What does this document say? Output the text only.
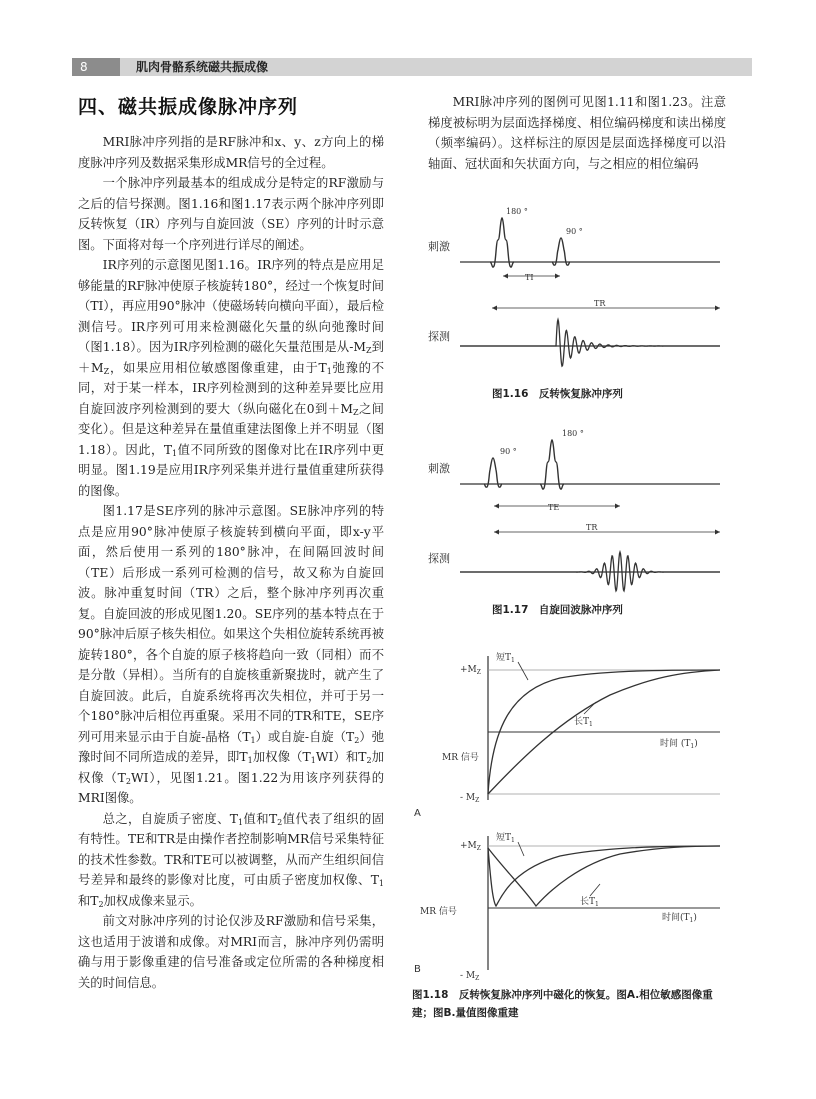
8	肌肉骨骼系统磁共振成像
四、磁共振成像脉冲序列

MRI脉冲序列指的是RF脉冲和x、y、z方向上的梯度脉冲序列及数据采集形成MR信号的全过程。

一个脉冲序列最基本的组成成分是特定的RF激励与之后的信号探测。图1.16和图1.17表示两个脉冲序列即反转恢复（IR）序列与自旋回波（SE）序列的计时示意图。下面将对每一个序列进行详尽的阐述。

IR序列的示意图见图1.16。IR序列的特点是应用足够能量的RF脉冲使原子核旋转180°，经过一个恢复时间（TI），再应用90°脉冲（使磁场转向横向平面），最后检测信号。IR序列可用来检测磁化矢量的纵向弛豫时间（图1.18）。因为IR序列检测的磁化矢量范围是从$-M_Z$到$+M_Z$，如果应用相位敏感图像重建，由于$T_1$弛豫的不同，对于某一样本，IR序列检测到的这种差异要比应用自旋回波序列检测到的要大（纵向磁化在0到$+M_Z$之间变化）。但是这种差异在量值重建法图像上并不明显（图1.18）。因此，$T_1$值不同所致的图像对比在IR序列中更明显。图1.19是应用IR序列采集并进行量值重建所获得的图像。

图1.17是SE序列的脉冲示意图。SE脉冲序列的特点是应用90°脉冲使原子核旋转到横向平面，即x-y平面，然后使用一系列的180°脉冲，在间隔回波时间（TE）后形成一系列可检测的信号，故又称为自旋回波。脉冲重复时间（TR）之后，整个脉冲序列再次重复。自旋回波的形成见图1.20。SE序列的基本特点在于90°脉冲后原子核失相位。如果这个失相位旋转系统再被旋转180°，各个自旋的原子核将趋向一致（同相）而不是分散（异相）。当所有的自旋核重新聚拢时，就产生了自旋回波。此后，自旋系统将再次失相位，并可于另一个180°脉冲后相位再重聚。采用不同的TR和TE，SE序列可用来显示由于自旋-晶格$(T_1)$或自旋-自旋$(T_2)$弛豫时间不同所造成的差异，即$T_1$加权像$(T_1WI)$和$T_2$加权像$(T_2WI)$，见图1.21。图1.22为用该序列获得的MRI图像。

总之，自旋质子密度、$T_1$值和$T_2$值代表了组织的固有特性。TE和TR是由操作者控制影响MR信号采集特征的技术性参数。TR和TE可以被调整，从而产生组织间信号差异和最终的影像对比度，可由质子密度加权像、$T_1$和$T_2$加权成像来显示。

前文对脉冲序列的讨论仅涉及RF激励和信号采集，这也适用于波谱和成像。对MRI而言，脉冲序列仍需明确与用于影像重建的信号准备或定位所需的各种梯度相关的时间信息。

MRI脉冲序列的图例可见图1.11和图1.23。注意梯度被标明为层面选择梯度、相位编码梯度和读出梯度（频率编码）。这样标注的原因是层面选择梯度可以沿轴面、冠状面和矢状面方向，与之相应的相位编码

刺激
180 °
90 °
TI
TR
探测
图1.16　反转恢复脉冲序列
刺激
90 °
180 °
TE
TR
探测
图1.17　自旋回波脉冲序列
$+M_Z$
MR 信号
- $M_Z$
短$T_1$
长$T_1$
时间 $(T_1)$
A
$+M_Z$
MR 信号
- $M_Z$
短$T_1$
长$T_1$
时间$(T_1)$
B
图1.18　反转恢复脉冲序列中磁化的恢复。图A.相位敏感图像重建；图B.量值图像重建
